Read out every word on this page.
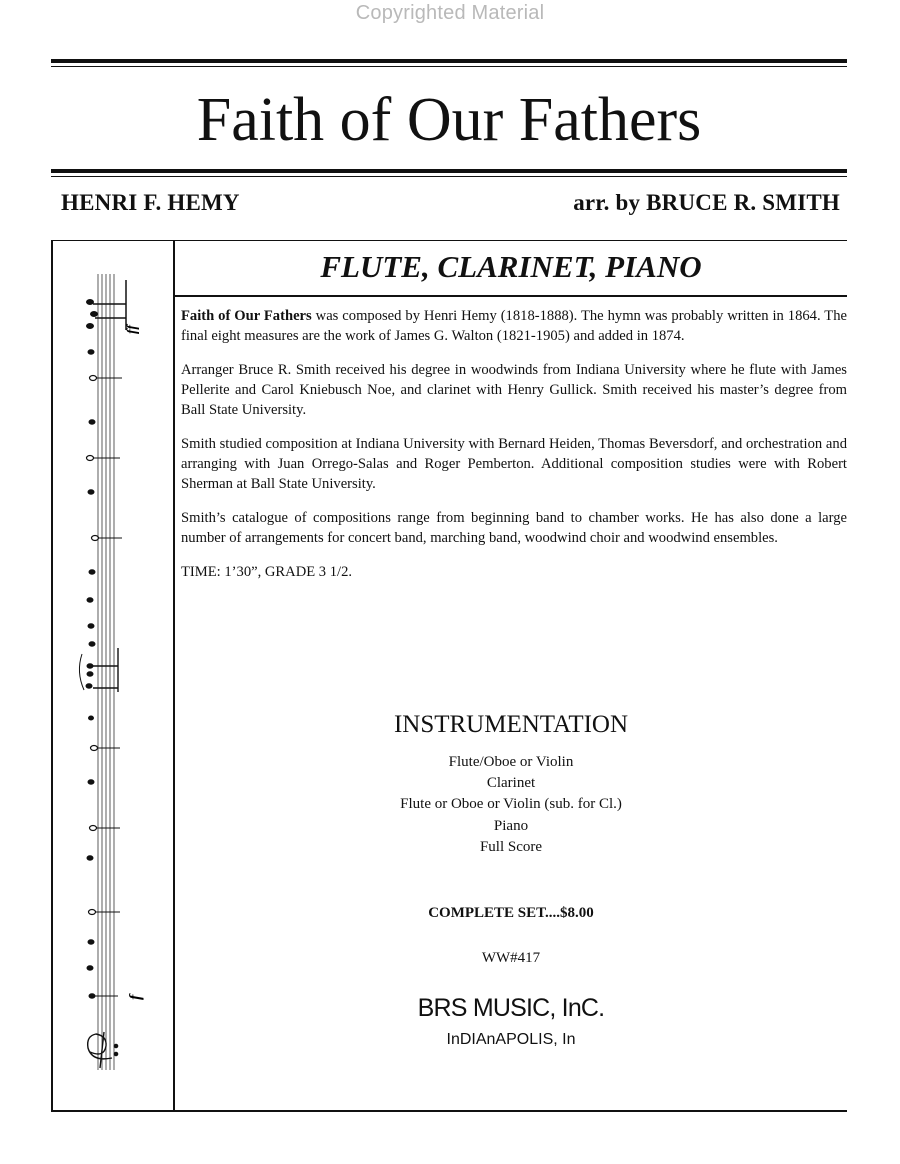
Copyrighted Material
Faith of Our Fathers
HENRI F. HEMY	arr. by BRUCE R. SMITH
FLUTE, CLARINET, PIANO
ff
f

Faith of Our Fathers was composed by Henri Hemy (1818-1888). The hymn was probably written in 1864. The final eight measures are the work of James G. Walton (1821-1905) and added in 1874.

Arranger Bruce R. Smith received his degree in woodwinds from Indiana University where he flute with James Pellerite and Carol Kniebusch Noe, and clarinet with Henry Gullick. Smith received his master’s degree from Ball State University.

Smith studied composition at Indiana University with Bernard Heiden, Thomas Beversdorf, and orchestration and arranging with Juan Orrego-Salas and Roger Pemberton. Additional composition studies were with Robert Sherman at Ball State University.

Smith’s catalogue of compositions range from beginning band to chamber works. He has also done a large number of arrangements for concert band, marching band, woodwind choir and woodwind ensembles.

TIME: 1’30”, GRADE 3 1/2.

INSTRUMENTATION
Flute/Oboe or Violin
Clarinet
Flute or Oboe or Violin (sub. for Cl.)
Piano
Full Score
COMPLETE SET....$8.00
WW#417
BRS MUSIC, InC.
InDIAnAPOLIS, In
